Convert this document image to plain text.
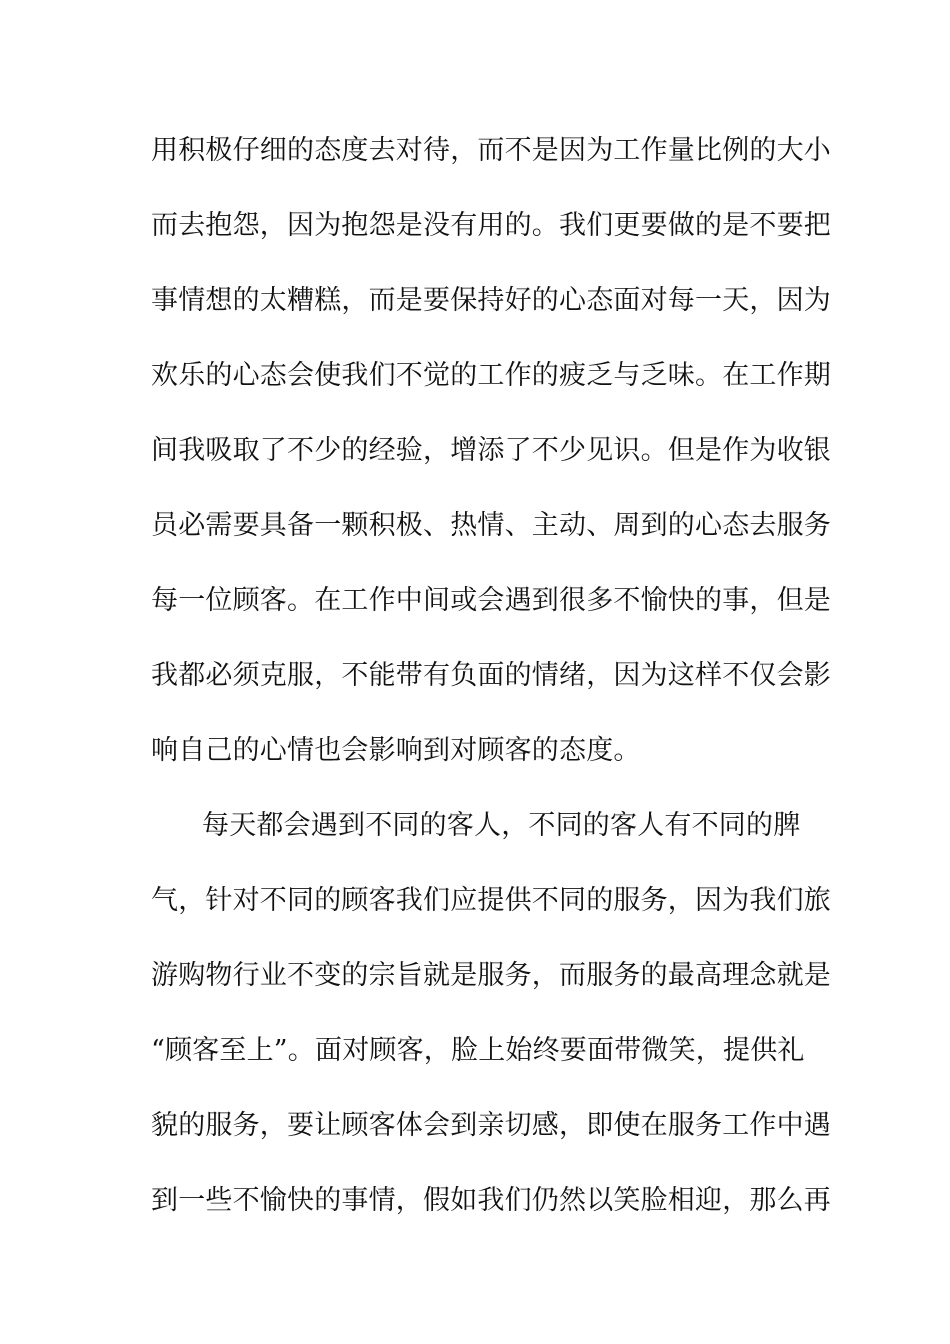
用积极仔细的态度去对待，而不是因为工作量比例的大小
而去抱怨，因为抱怨是没有用的。我们更要做的是不要把
事情想的太糟糕，而是要保持好的心态面对每一天，因为
欢乐的心态会使我们不觉的工作的疲乏与乏味。在工作期
间我吸取了不少的经验，增添了不少见识。但是作为收银
员必需要具备一颗积极、热情、主动、周到的心态去服务
每一位顾客。在工作中间或会遇到很多不愉快的事，但是
我都必须克服，不能带有负面的情绪，因为这样不仅会影
响自己的心情也会影响到对顾客的态度。
每天都会遇到不同的客人，不同的客人有不同的脾
气，针对不同的顾客我们应提供不同的服务，因为我们旅
游购物行业不变的宗旨就是服务，而服务的最高理念就是
“顾客至上”。面对顾客，脸上始终要面带微笑，提供礼
貌的服务，要让顾客体会到亲切感，即使在服务工作中遇
到一些不愉快的事情，假如我们仍然以笑脸相迎，那么再
